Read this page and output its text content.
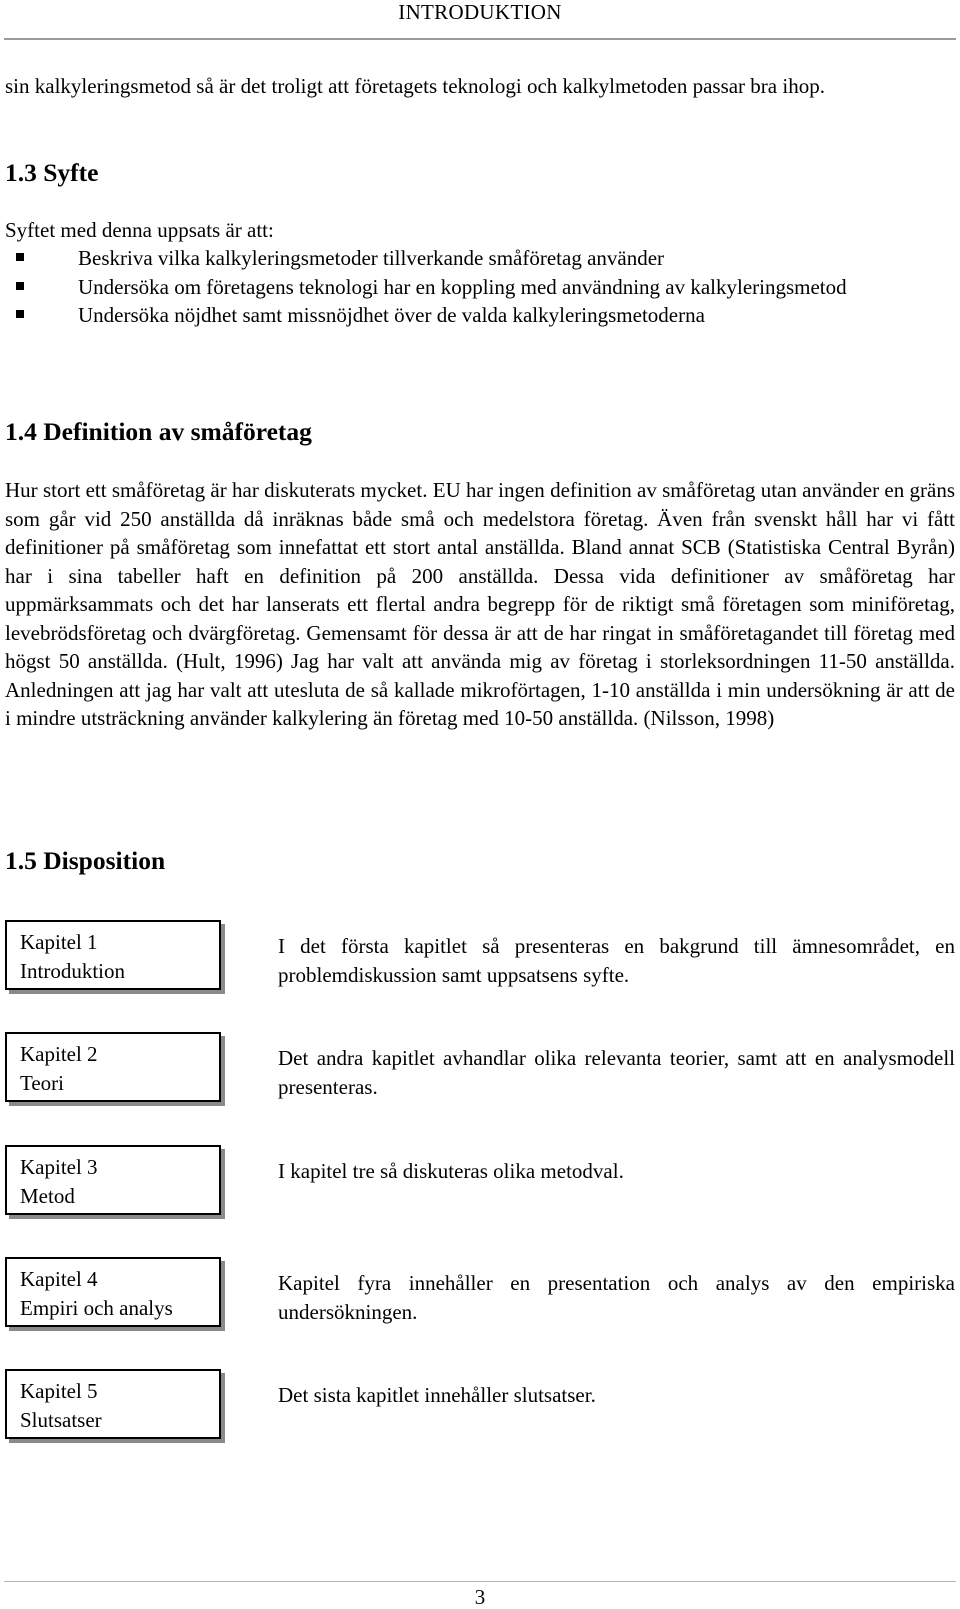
INTRODUKTION
sin kalkyleringsmetod så är det troligt att företagets teknologi och kalkylmetoden passar bra ihop.
1.3 Syfte
Syftet med denna uppsats är att:
Beskriva vilka kalkyleringsmetoder tillverkande småföretag använder
Undersöka om företagens teknologi har en koppling med användning av kalkyleringsmetod
Undersöka nöjdhet samt missnöjdhet över de valda kalkyleringsmetoderna
1.4 Definition av småföretag
Hur stort ett småföretag är har diskuterats mycket. EU har ingen definition av småföretag utan använder en gräns som går vid 250 anställda då inräknas både små och medelstora företag. Även från svenskt håll har vi fått definitioner på småföretag som innefattat ett stort antal anställda. Bland annat SCB (Statistiska Central Byrån) har i sina tabeller haft en definition på 200 anställda. Dessa vida definitioner av småföretag har uppmärksammats och det har lanserats ett flertal andra begrepp för de riktigt små företagen som miniföretag, levebrödsföretag och dvärgföretag. Gemensamt för dessa är att de har ringat in småföretagandet till företag med högst 50 anställda. (Hult, 1996) Jag har valt att använda mig av företag i storleksordningen 11-50 anställda. Anledningen att jag har valt att utesluta de så kallade mikroförtagen, 1-10 anställda i min undersökning är att de i mindre utsträckning använder kalkylering än företag med 10-50 anställda. (Nilsson, 1998)
1.5 Disposition
Kapitel 1
Introduktion
I det första kapitlet så presenteras en bakgrund till ämnesområdet, en problemdiskussion samt uppsatsens syfte.
Kapitel 2
Teori
Det andra kapitlet avhandlar olika relevanta teorier, samt att en analysmodell presenteras.
Kapitel 3
Metod
I kapitel tre så diskuteras olika metodval.
Kapitel 4
Empiri och analys
Kapitel fyra innehåller en presentation och analys av den empiriska undersökningen.
Kapitel 5
Slutsatser
Det sista kapitlet innehåller slutsatser.
3
